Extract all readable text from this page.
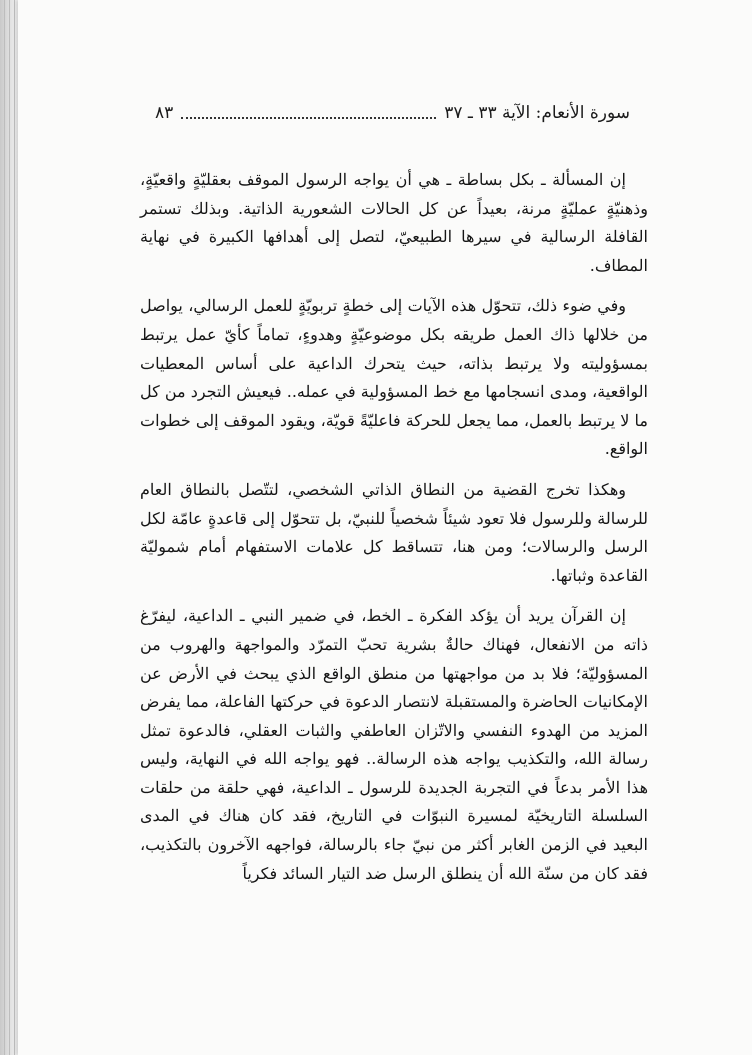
سورة الأنعام: الآية ٣٣ ـ ٣٧
٨٣

إن المسألة ـ بكل بساطة ـ هي أن يواجه الرسول الموقف بعقليّةٍ واقعيّةٍ، وذهنيّةٍ عمليّةٍ مرنة، بعيداً عن كل الحالات الشعورية الذاتية. وبذلك تستمر القافلة الرسالية في سيرها الطبيعيّ، لتصل إلى أهدافها الكبيرة في نهاية المطاف.

وفي ضوء ذلك، تتحوّل هذه الآيات إلى خطةٍ تربويّةٍ للعمل الرسالي، يواصل من خلالها ذاك العمل طريقه بكل موضوعيّةٍ وهدوءٍ، تماماً كأيّ عمل يرتبط بمسؤوليته ولا يرتبط بذاته، حيث يتحرك الداعية على أساس المعطيات الواقعية، ومدى انسجامها مع خط المسؤولية في عمله.. فيعيش التجرد من كل ما لا يرتبط بالعمل، مما يجعل للحركة فاعليّةً قويّة، ويقود الموقف إلى خطوات الواقع.

وهكذا تخرج القضية من النطاق الذاتي الشخصي، لتتّصل بالنطاق العام للرسالة وللرسول فلا تعود شيئاً شخصياً للنبيّ، بل تتحوّل إلى قاعدةٍ عامّة لكل الرسل والرسالات؛ ومن هنا، تتساقط كل علامات الاستفهام أمام شموليّة القاعدة وثباتها.

إن القرآن يريد أن يؤكد الفكرة ـ الخط، في ضمير النبي ـ الداعية، ليفرّغ ذاته من الانفعال، فهناك حالةٌ بشرية تحبّ التمرّد والمواجهة والهروب من المسؤوليّة؛ فلا بد من مواجهتها من منطق الواقع الذي يبحث في الأرض عن الإمكانيات الحاضرة والمستقبلة لانتصار الدعوة في حركتها الفاعلة، مما يفرض المزيد من الهدوء النفسي والاتّزان العاطفي والثبات العقلي، فالدعوة تمثل رسالة الله، والتكذيب يواجه هذه الرسالة.. فهو يواجه الله في النهاية، وليس هذا الأمر بدعاً في التجربة الجديدة للرسول ـ الداعية، فهي حلقة من حلقات السلسلة التاريخيّة لمسيرة النبوّات في التاريخ، فقد كان هناك في المدى البعيد في الزمن الغابر أكثر من نبيّ جاء بالرسالة، فواجهه الآخرون بالتكذيب، فقد كان من سنّة الله أن ينطلق الرسل ضد التيار السائد فكرياً
